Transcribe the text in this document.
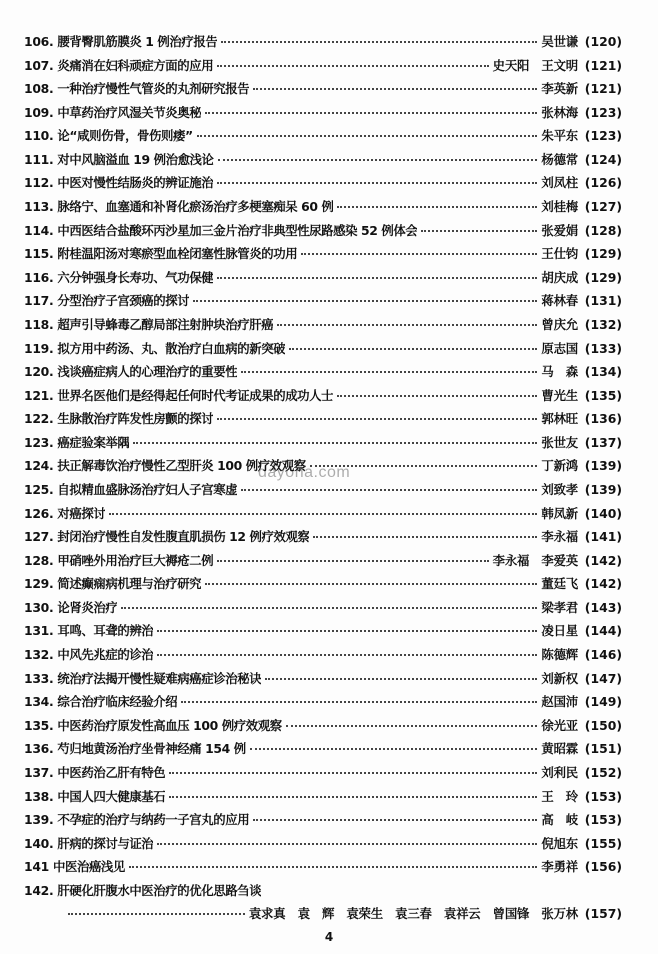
106. 腰背臀肌筋膜炎 1 例治疗报告	吴世谦 (120)
107. 炎痛消在妇科顽症方面的应用	史天阳　王文明 (121)
108. 一种治疗慢性气管炎的丸剂研究报告	李英新 (121)
109. 中草药治疗风湿关节炎奥秘	张林海 (123)
110. 论“咸则伤骨，骨伤则痿”	朱平东 (123)
111. 对中风脑溢血 19 例治愈浅论	杨德常 (124)
112. 中医对慢性结肠炎的辨证施治	刘凤柱 (126)
113. 脉络宁、血塞通和补肾化瘀汤治疗多梗塞痴呆 60 例	刘桂梅 (127)
114. 中西医结合盐酸环丙沙星加三金片治疗非典型性尿路感染 52 例体会	张爱娟 (128)
115. 附桂温阳汤对寒瘀型血栓闭塞性脉管炎的功用	王仕钧 (129)
116. 六分钟强身长寿功、气功保健	胡庆成 (129)
117. 分型治疗子宫颈癌的探讨	蒋林春 (131)
118. 超声引导蜂毒乙醇局部注射肿块治疗肝癌	曾庆允 (132)
119. 拟方用中药汤、丸、散治疗白血病的新突破	原志国 (133)
120. 浅谈癌症病人的心理治疗的重要性	马　森 (134)
121. 世界名医他们是经得起任何时代考证成果的成功人士	曹光生 (135)
122. 生脉散治疗阵发性房颤的探讨	郭林旺 (136)
123. 癌症验案举隅	张世友 (137)
124. 扶正解毒饮治疗慢性乙型肝炎 100 例疗效观察	丁新鸿 (139)
125. 自拟精血盛脉汤治疗妇人子宫寒虚	刘致孝 (139)
126. 对癌探讨	韩凤新 (140)
127. 封闭治疗慢性自发性腹直肌损伤 12 例疗效观察	李永福 (141)
128. 甲硝唑外用治疗巨大褥疮二例	李永福　李爱英 (142)
129. 简述癫痫病机理与治疗研究	董廷飞 (142)
130. 论肾炎治疗	梁孝君 (143)
131. 耳鸣、耳聋的辨治	凌日星 (144)
132. 中风先兆症的诊治	陈德辉 (146)
133. 统治疗法揭开慢性疑难病癌症诊治秘诀	刘新权 (147)
134. 综合治疗临床经验介绍	赵国沛 (149)
135. 中医药治疗原发性高血压 100 例疗效观察	徐光亚 (150)
136. 芍归地黄汤治疗坐骨神经痛 154 例	黄昭霖 (151)
137. 中医药治乙肝有特色	刘利民 (152)
138. 中国人四大健康基石	王　玲 (153)
139. 不孕症的治疗与纳药一子宫丸的应用	高　岐 (153)
140. 肝病的探讨与证治	倪旭东 (155)
141 中医治癌浅见	李勇祥 (156)
142. 肝硬化肝腹水中医治疗的优化思路刍谈
袁求真　袁　辉　袁荣生　袁三春　袁祥云　曾国锋　张万林 (157)
dayona.com
4
